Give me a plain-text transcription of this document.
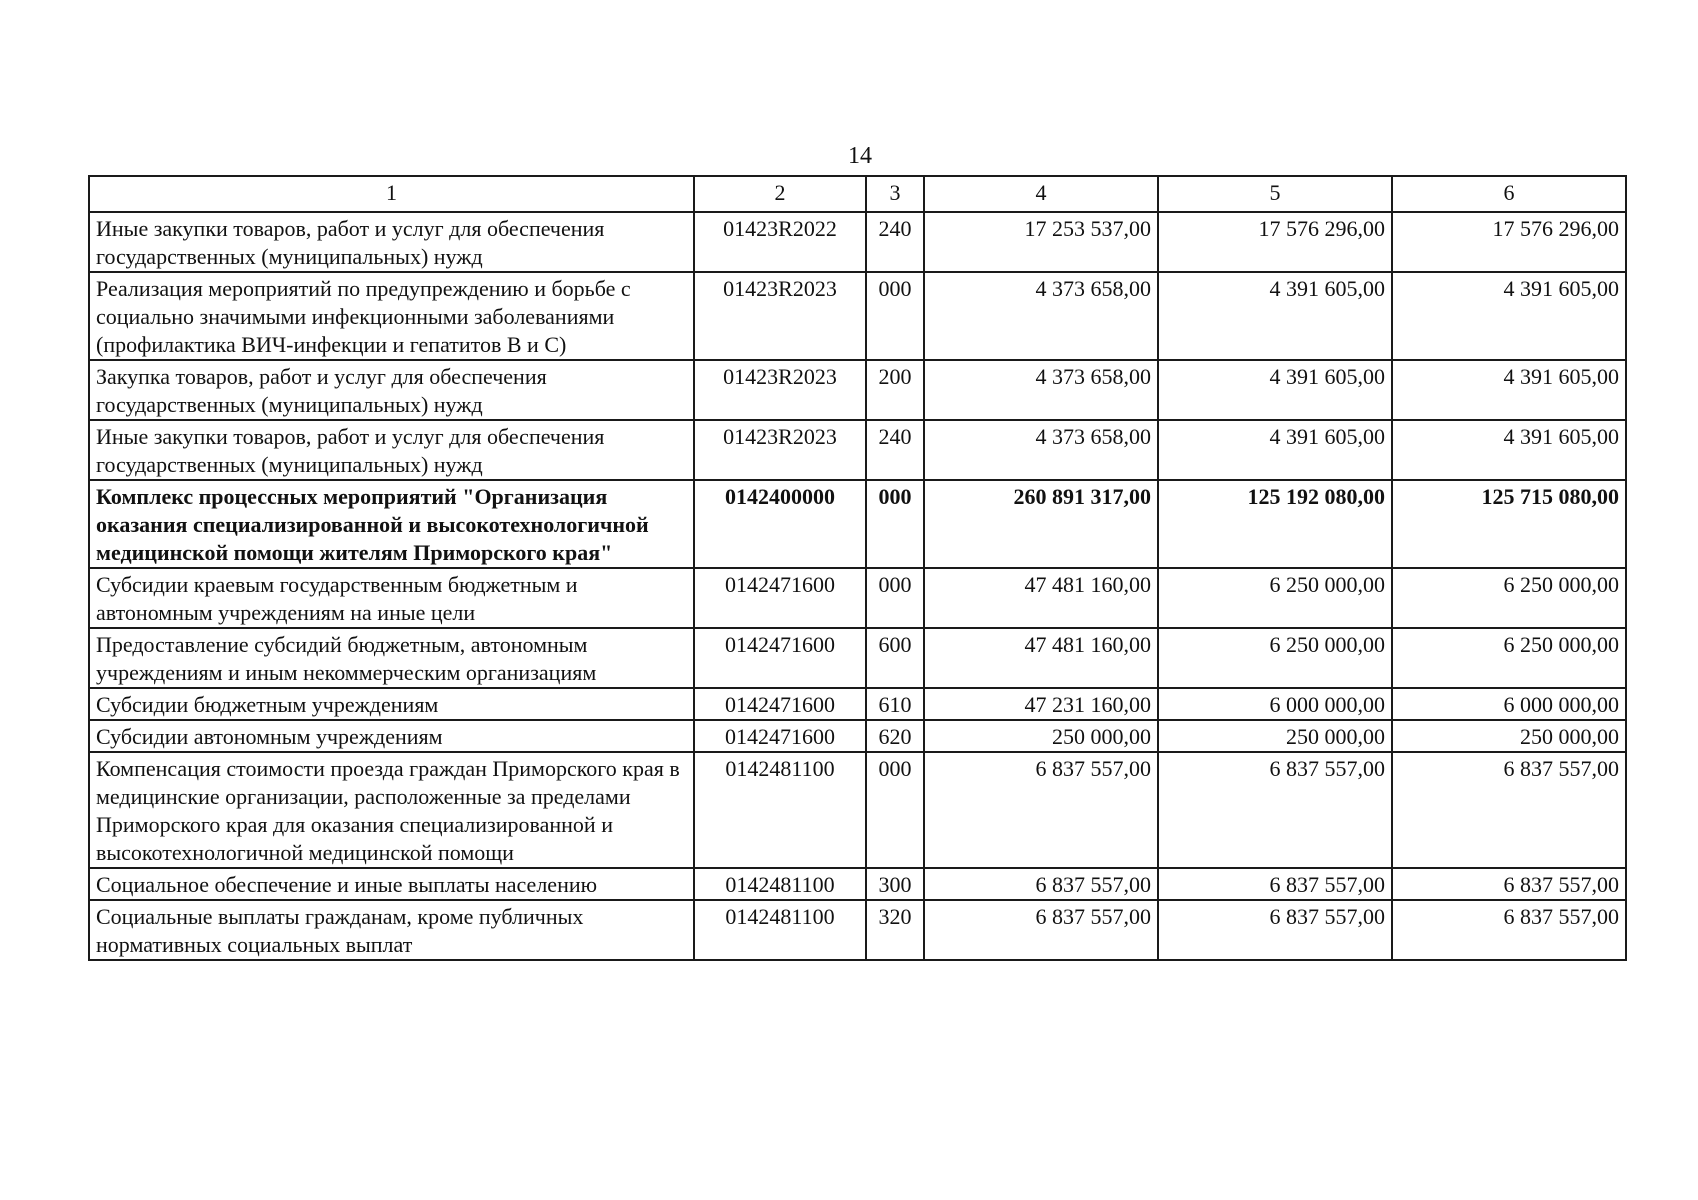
14
1	2	3	4	5	6
Иные закупки товаров, работ и услуг для обеспечения государственных (муниципальных) нужд	01423R2022	240	17 253 537,00	17 576 296,00	17 576 296,00
Реализация мероприятий по предупреждению и борьбе с социально значимыми инфекционными заболеваниями (профилактика ВИЧ-инфекции и гепатитов В и С)	01423R2023	000	4 373 658,00	4 391 605,00	4 391 605,00
Закупка товаров, работ и услуг для обеспечения государственных (муниципальных) нужд	01423R2023	200	4 373 658,00	4 391 605,00	4 391 605,00
Иные закупки товаров, работ и услуг для обеспечения государственных (муниципальных) нужд	01423R2023	240	4 373 658,00	4 391 605,00	4 391 605,00
Комплекс процессных мероприятий "Организация оказания специализированной и высокотехнологичной медицинской помощи жителям Приморского края"	0142400000	000	260 891 317,00	125 192 080,00	125 715 080,00
Субсидии краевым государственным бюджетным и автономным учреждениям на иные цели	0142471600	000	47 481 160,00	6 250 000,00	6 250 000,00
Предоставление субсидий бюджетным, автономным учреждениям и иным некоммерческим организациям	0142471600	600	47 481 160,00	6 250 000,00	6 250 000,00
Субсидии бюджетным учреждениям	0142471600	610	47 231 160,00	6 000 000,00	6 000 000,00
Субсидии автономным учреждениям	0142471600	620	250 000,00	250 000,00	250 000,00
Компенсация стоимости проезда граждан Приморского края в медицинские организации, расположенные за пределами Приморского края для оказания специализированной и высокотехнологичной медицинской помощи	0142481100	000	6 837 557,00	6 837 557,00	6 837 557,00
Социальное обеспечение и иные выплаты населению	0142481100	300	6 837 557,00	6 837 557,00	6 837 557,00
Социальные выплаты гражданам, кроме публичных нормативных социальных выплат	0142481100	320	6 837 557,00	6 837 557,00	6 837 557,00
